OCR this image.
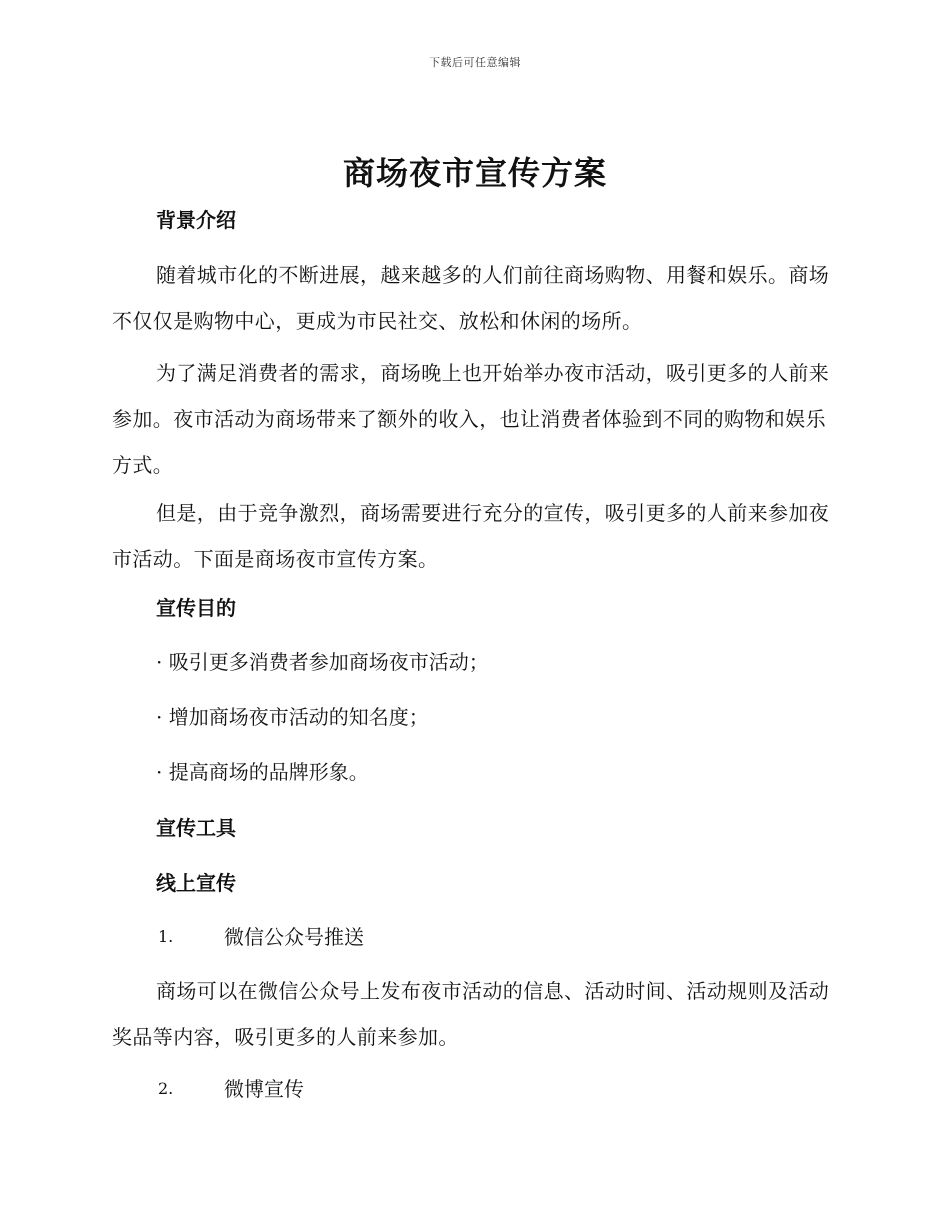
下载后可任意编辑
商场夜市宣传方案
背景介绍

随着城市化的不断进展，越来越多的人们前往商场购物、用餐和娱乐。商场不仅仅是购物中心，更成为市民社交、放松和休闲的场所。

为了满足消费者的需求，商场晚上也开始举办夜市活动，吸引更多的人前来参加。夜市活动为商场带来了额外的收入，也让消费者体验到不同的购物和娱乐方式。

但是，由于竞争激烈，商场需要进行充分的宣传，吸引更多的人前来参加夜市活动。下面是商场夜市宣传方案。

宣传目的

· 吸引更多消费者参加商场夜市活动；

· 增加商场夜市活动的知名度；

· 提高商场的品牌形象。

宣传工具
线上宣传
1.	微信公众号推送

商场可以在微信公众号上发布夜市活动的信息、活动时间、活动规则及活动奖品等内容，吸引更多的人前来参加。

2.	微博宣传
